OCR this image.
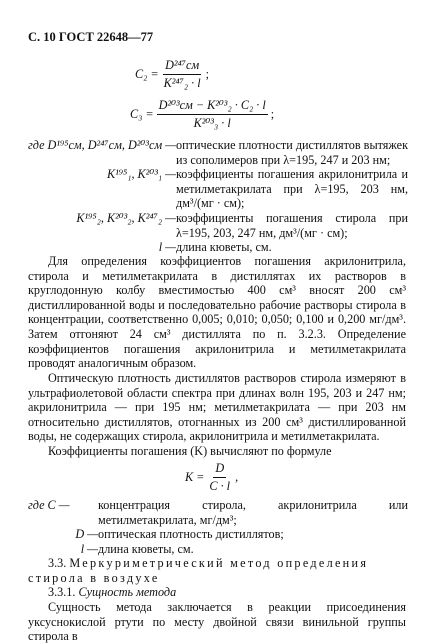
С. 10 ГОСТ 22648—77
$C_2 = \frac{\text{D²⁴⁷см}}{\text{K²⁴⁷₂ · l}}$ ;
$C_3 = \frac{\text{D²⁰³см − K²⁰³₂ · C₂ · l}}{\text{K²⁰³₃ · l}}$ ;
где D¹⁹⁵см, D²⁴⁷см, D²⁰³см — оптические плотности дистиллятов вытяжек из сополимеров при λ=195, 247 и 203 нм;
K¹⁹⁵₁, K²⁰³₁ — коэффициенты погашения акрилонитрила и метилметакрилата при λ=195, 203 нм, дм³/(мг · см);
K¹⁹⁵₂, K²⁰³₂, K²⁴⁷₂ — коэффициенты погашения стирола при λ=195, 203, 247 нм, дм³/(мг · см);
l — длина кюветы, см.
Для определения коэффициентов погашения акрилонитрила, стирола и метилметакрилата в дистиллятах их растворов в круглодонную колбу вместимостью 400 см³ вносят 200 см³ дистиллированной воды и последовательно рабочие растворы стирола в концентрации, соответственно 0,005; 0,010; 0,050; 0,100 и 0,200 мг/дм³. Затем отгоняют 24 см³ дистиллята по п. 3.2.3. Определение коэффициентов погашения акрилонитрила и метилметакрилата проводят аналогичным образом.
Оптическую плотность дистиллятов растворов стирола измеряют в ультрафиолетовой области спектра при длинах волн 195, 203 и 247 нм; акрилонитрила — при 195 нм; метилметакрилата — при 203 нм относительно дистиллятов, отогнанных из 200 см³ дистиллированной воды, не содержащих стирола, акрилонитрила и метилметакрилата.
Коэффициенты погашения (K) вычисляют по формуле
$K = \frac{D}{C \cdot l}$ ,
где C —	концентрация стирола, акрилонитрила или метилметакрилата, мг/дм³;
D — оптическая плотность дистиллятов;
l — длина кюветы, см.
3.3. Меркуриметрический метод определения стирола в воздухе
3.3.1. Сущность метода
Сущность метода заключается в реакции присоединения уксуснокислой ртути по месту двойной связи винильной группы стирола в
